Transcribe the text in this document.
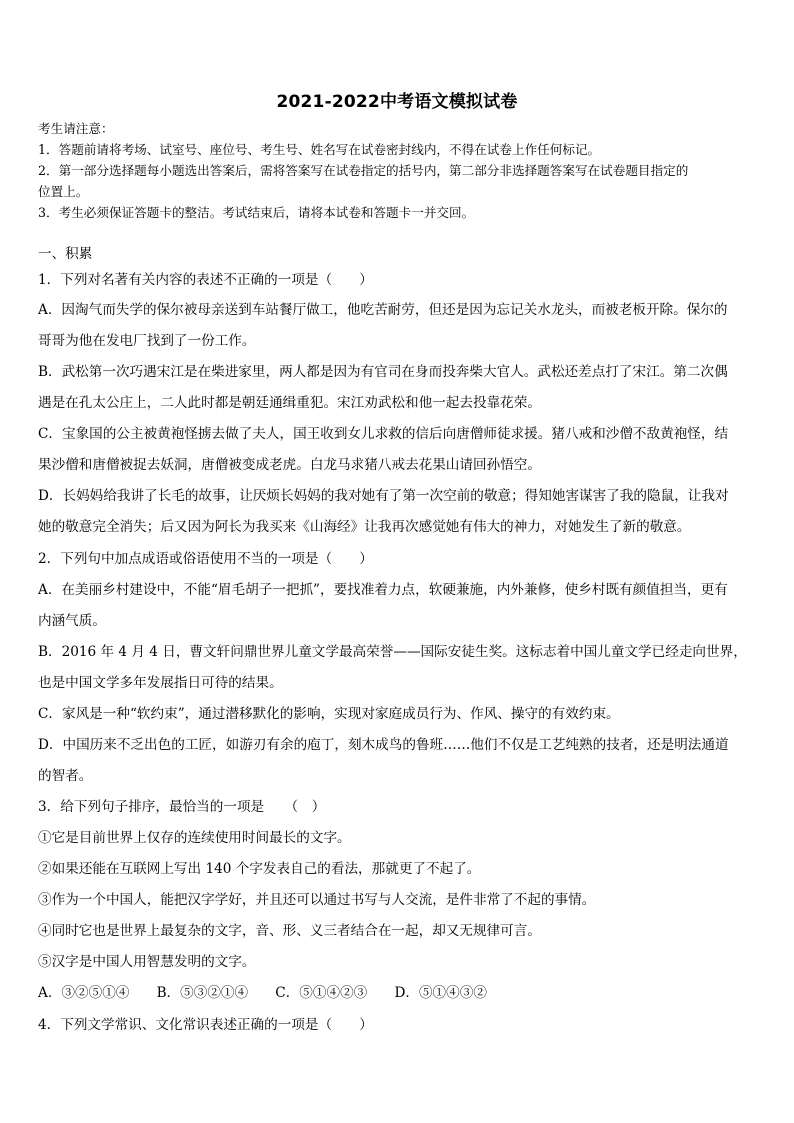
2021-2022中考语文模拟试卷
考生请注意：
1．答题前请将考场、试室号、座位号、考生号、姓名写在试卷密封线内，不得在试卷上作任何标记。
2．第一部分选择题每小题选出答案后，需将答案写在试卷指定的括号内，第二部分非选择题答案写在试卷题目指定的
位置上。
3．考生必须保证答题卡的整洁。考试结束后，请将本试卷和答题卡一并交回。
一、积累
1．下列对名著有关内容的表述不正确的一项是（　　）
A．因淘气而失学的保尔被母亲送到车站餐厅做工，他吃苦耐劳，但还是因为忘记关水龙头，而被老板开除。保尔的
哥哥为他在发电厂找到了一份工作。
B．武松第一次巧遇宋江是在柴进家里，两人都是因为有官司在身而投奔柴大官人。武松还差点打了宋江。第二次偶
遇是在孔太公庄上，二人此时都是朝廷通缉重犯。宋江劝武松和他一起去投靠花荣。
C．宝象国的公主被黄袍怪掳去做了夫人，国王收到女儿求救的信后向唐僧师徒求援。猪八戒和沙僧不敌黄袍怪，结
果沙僧和唐僧被捉去妖洞，唐僧被变成老虎。白龙马求猪八戒去花果山请回孙悟空。
D．长妈妈给我讲了长毛的故事，让厌烦长妈妈的我对她有了第一次空前的敬意；得知她害谋害了我的隐鼠，让我对
她的敬意完全消失；后又因为阿长为我买来《山海经》让我再次感觉她有伟大的神力，对她发生了新的敬意。
2．下列句中加点成语或俗语使用不当的一项是（　　）
A．在美丽乡村建设中，不能“眉毛胡子一把抓”，要找准着力点，软硬兼施，内外兼修，使乡村既有颜值担当，更有
内涵气质。
B．2016 年 4 月 4 日，曹文轩问鼎世界儿童文学最高荣誉——国际安徒生奖。这标志着中国儿童文学已经走向世界，
也是中国文学多年发展指日可待的结果。
C．家风是一种“软约束”，通过潜移默化的影响，实现对家庭成员行为、作风、操守的有效约束。
D．中国历来不乏出色的工匠，如游刃有余的庖丁，刻木成鸟的鲁班……他们不仅是工艺纯熟的技者，还是明法通道
的智者。
3．给下列句子排序，最恰当的一项是　　（　）
①它是目前世界上仅存的连续使用时间最长的文字。
②如果还能在互联网上写出 140 个字发表自己的看法，那就更了不起了。
③作为一个中国人，能把汉字学好，并且还可以通过书写与人交流，是件非常了不起的事情。
④同时它也是世界上最复杂的文字，音、形、义三者结合在一起，却又无规律可言。
⑤汉字是中国人用智慧发明的文字。
A．③②⑤①④　　B．⑤③②①④　　C．⑤①④②③　　D．⑤①④③②
4．下列文学常识、文化常识表述正确的一项是（　　）
